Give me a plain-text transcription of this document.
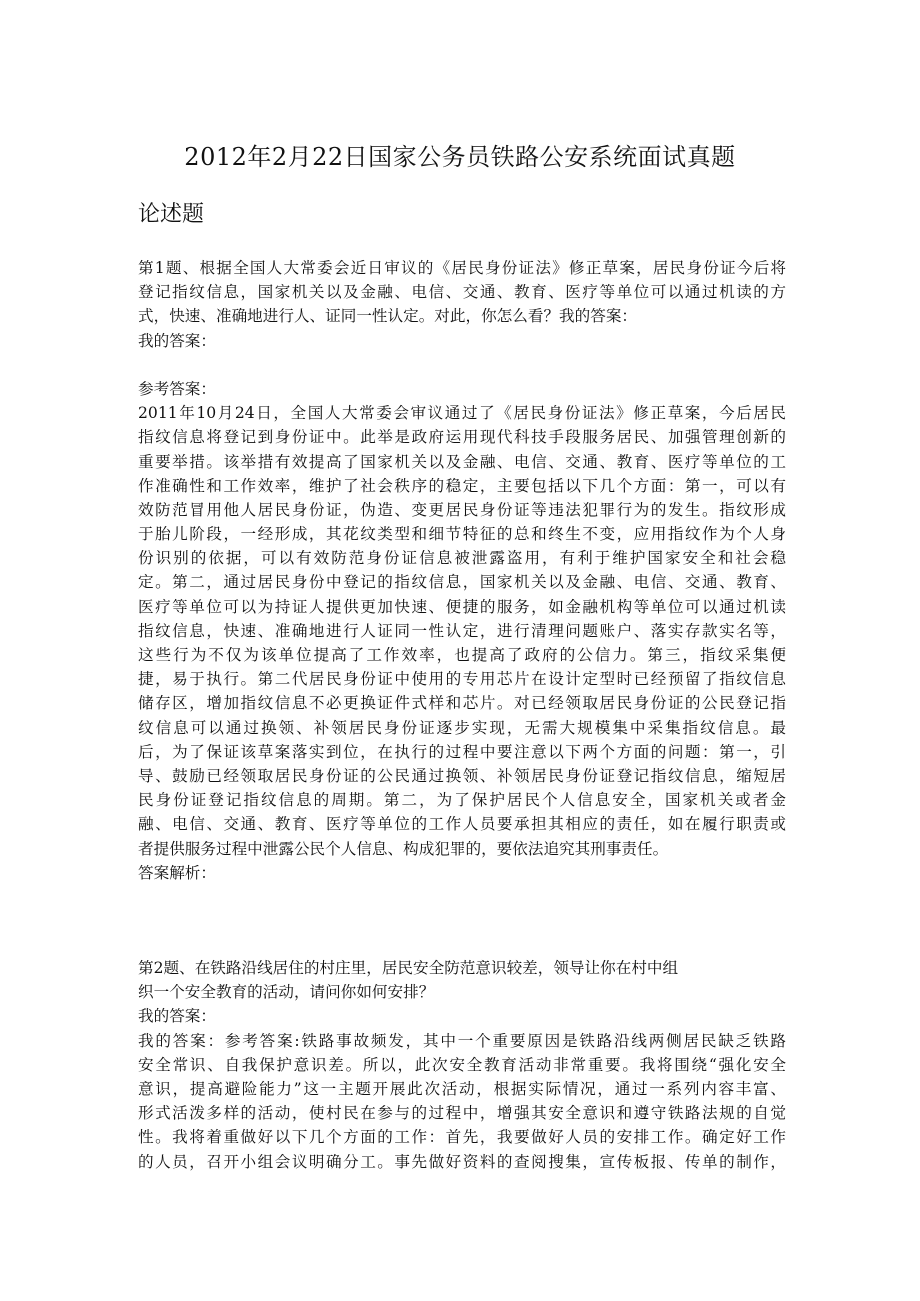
2012年2月22日国家公务员铁路公安系统面试真题
论述题
第1题、根据全国人大常委会近日审议的《居民身份证法》修正草案，居民身份证今后将
登记指纹信息，国家机关以及金融、电信、交通、教育、医疗等单位可以通过机读的方
式，快速、准确地进行人、证同一性认定。对此，你怎么看？我的答案：
我的答案：
参考答案：
2011年10月24日，全国人大常委会审议通过了《居民身份证法》修正草案，今后居民
指纹信息将登记到身份证中。此举是政府运用现代科技手段服务居民、加强管理创新的
重要举措。该举措有效提高了国家机关以及金融、电信、交通、教育、医疗等单位的工
作准确性和工作效率，维护了社会秩序的稳定，主要包括以下几个方面：第一，可以有
效防范冒用他人居民身份证，伪造、变更居民身份证等违法犯罪行为的发生。指纹形成
于胎儿阶段，一经形成，其花纹类型和细节特征的总和终生不变，应用指纹作为个人身
份识别的依据，可以有效防范身份证信息被泄露盗用，有利于维护国家安全和社会稳
定。第二，通过居民身份中登记的指纹信息，国家机关以及金融、电信、交通、教育、
医疗等单位可以为持证人提供更加快速、便捷的服务，如金融机构等单位可以通过机读
指纹信息，快速、准确地进行人证同一性认定，进行清理问题账户、落实存款实名等，
这些行为不仅为该单位提高了工作效率，也提高了政府的公信力。第三，指纹采集便
捷，易于执行。第二代居民身份证中使用的专用芯片在设计定型时已经预留了指纹信息
储存区，增加指纹信息不必更换证件式样和芯片。对已经领取居民身份证的公民登记指
纹信息可以通过换领、补领居民身份证逐步实现，无需大规模集中采集指纹信息。最
后，为了保证该草案落实到位，在执行的过程中要注意以下两个方面的问题：第一，引
导、鼓励已经领取居民身份证的公民通过换领、补领居民身份证登记指纹信息，缩短居
民身份证登记指纹信息的周期。第二，为了保护居民个人信息安全，国家机关或者金
融、电信、交通、教育、医疗等单位的工作人员要承担其相应的责任，如在履行职责或
者提供服务过程中泄露公民个人信息、构成犯罪的，要依法追究其刑事责任。
答案解析：
第2题、在铁路沿线居住的村庄里，居民安全防范意识较差，领导让你在村中组
织一个安全教育的活动，请问你如何安排？
我的答案：
我的答案：参考答案:铁路事故频发，其中一个重要原因是铁路沿线两侧居民缺乏铁路
安全常识、自我保护意识差。所以，此次安全教育活动非常重要。我将围绕“强化安全
意识，提高避险能力”这一主题开展此次活动，根据实际情况，通过一系列内容丰富、
形式活泼多样的活动，使村民在参与的过程中，增强其安全意识和遵守铁路法规的自觉
性。我将着重做好以下几个方面的工作：首先，我要做好人员的安排工作。确定好工作
的人员，召开小组会议明确分工。事先做好资料的查阅搜集，宣传板报、传单的制作，
